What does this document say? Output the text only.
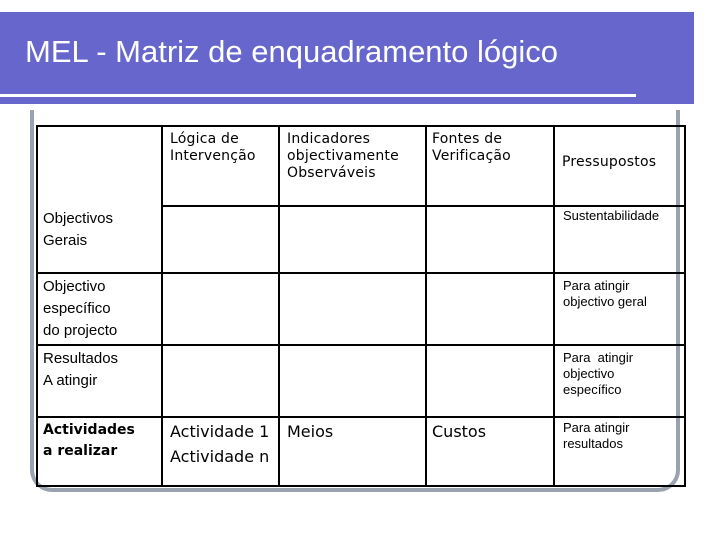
MEL - Matriz de enquadramento lógico
Lógica de
Intervenção
Indicadores
objectivamente
Observáveis
Fontes de
Verificação	Pressupostos
Objectivos
Gerais
Objectivo
específico
do projecto
Resultados
A atingir
Actividades
a realizar
Sustentabilidade
Para atingir
objectivo geral
Para  atingir
objectivo
específico
Para atingir
resultados
Actividade 1
Actividade n
Meios	Custos
